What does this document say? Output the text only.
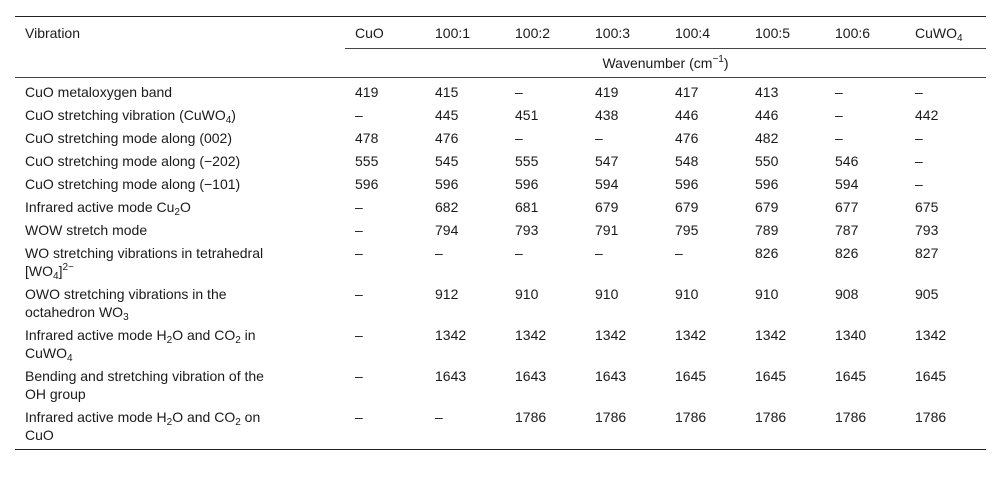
Vibration	CuO	100:1	100:2	100:3	100:4	100:5	100:6	CuWO$_4$
	Wavenumber $(cm^{-1})$							
CuO metaloxygen band	419	415	–	419	417	413	–	–
CuO stretching vibration (CuWO$_4$)	–	445	451	438	446	446	–	442
CuO stretching mode along (002)	478	476	–	–	476	482	–	–
CuO stretching mode along (−202)	555	545	555	547	548	550	546	–
CuO stretching mode along (−101)	596	596	596	594	596	596	594	–
Infrared active mode $Cu_2O$	–	682	681	679	679	679	677	675
WOW stretch mode	–	794	793	791	795	789	787	793
WO stretching vibrations in tetrahedral
$[WO_4]^{2-}$	–	–	–	–	–	826	826	827
OWO stretching vibrations in the
octahedron $WO_3$	–	912	910	910	910	910	908	905
Infrared active mode $H_2O$ and $CO_2$ in
CuWO$_4$	–	1342	1342	1342	1342	1342	1340	1342
Bending and stretching vibration of the
OH group	–	1643	1643	1643	1645	1645	1645	1645
Infrared active mode $H_2O$ and $CO_2$ on
CuO	–	–	1786	1786	1786	1786	1786	1786
